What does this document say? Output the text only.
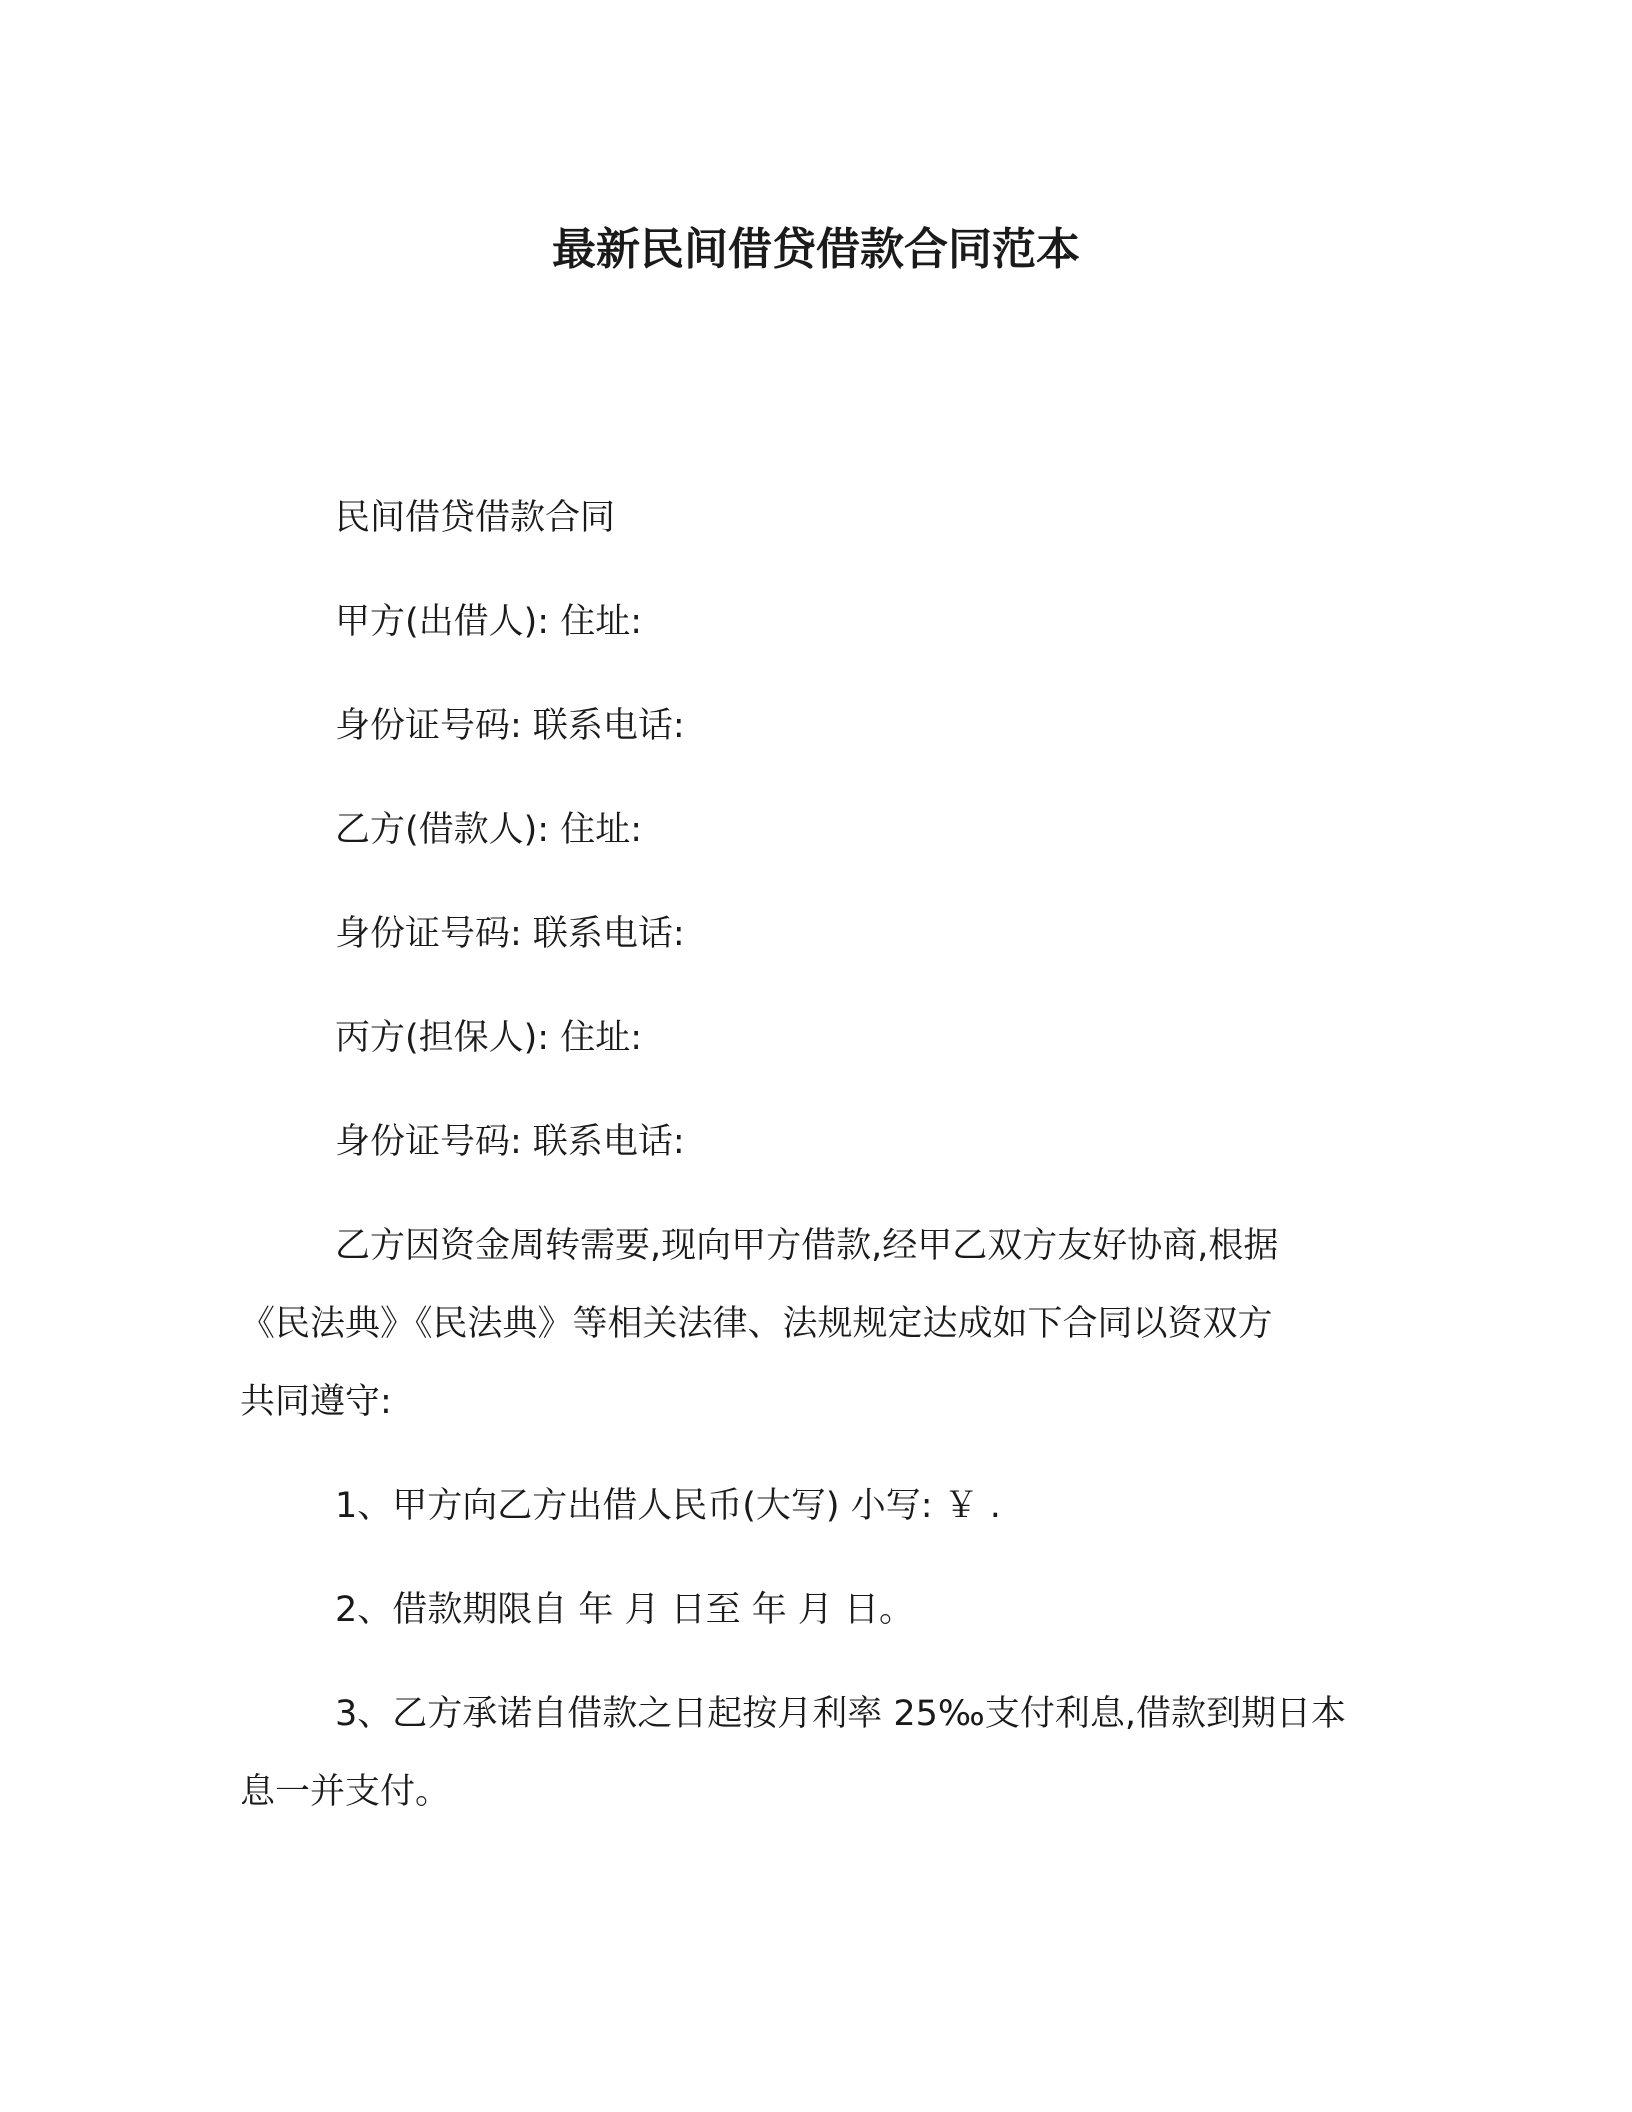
最新民间借贷借款合同范本
民间借贷借款合同
甲方(出借人): 住址:
身份证号码: 联系电话:
乙方(借款人): 住址:
身份证号码: 联系电话:
丙方(担保人): 住址:
身份证号码: 联系电话:
乙方因资金周转需要,现向甲方借款,经甲乙双方友好协商,根据
《民法典》《民法典》等相关法律、法规规定达成如下合同以资双方
共同遵守:
1、甲方向乙方出借人民币(大写) 小写: ￥ .
2、借款期限自 年 月 日至 年 月 日。
3、乙方承诺自借款之日起按月利率 25‰支付利息,借款到期日本
息一并支付。
